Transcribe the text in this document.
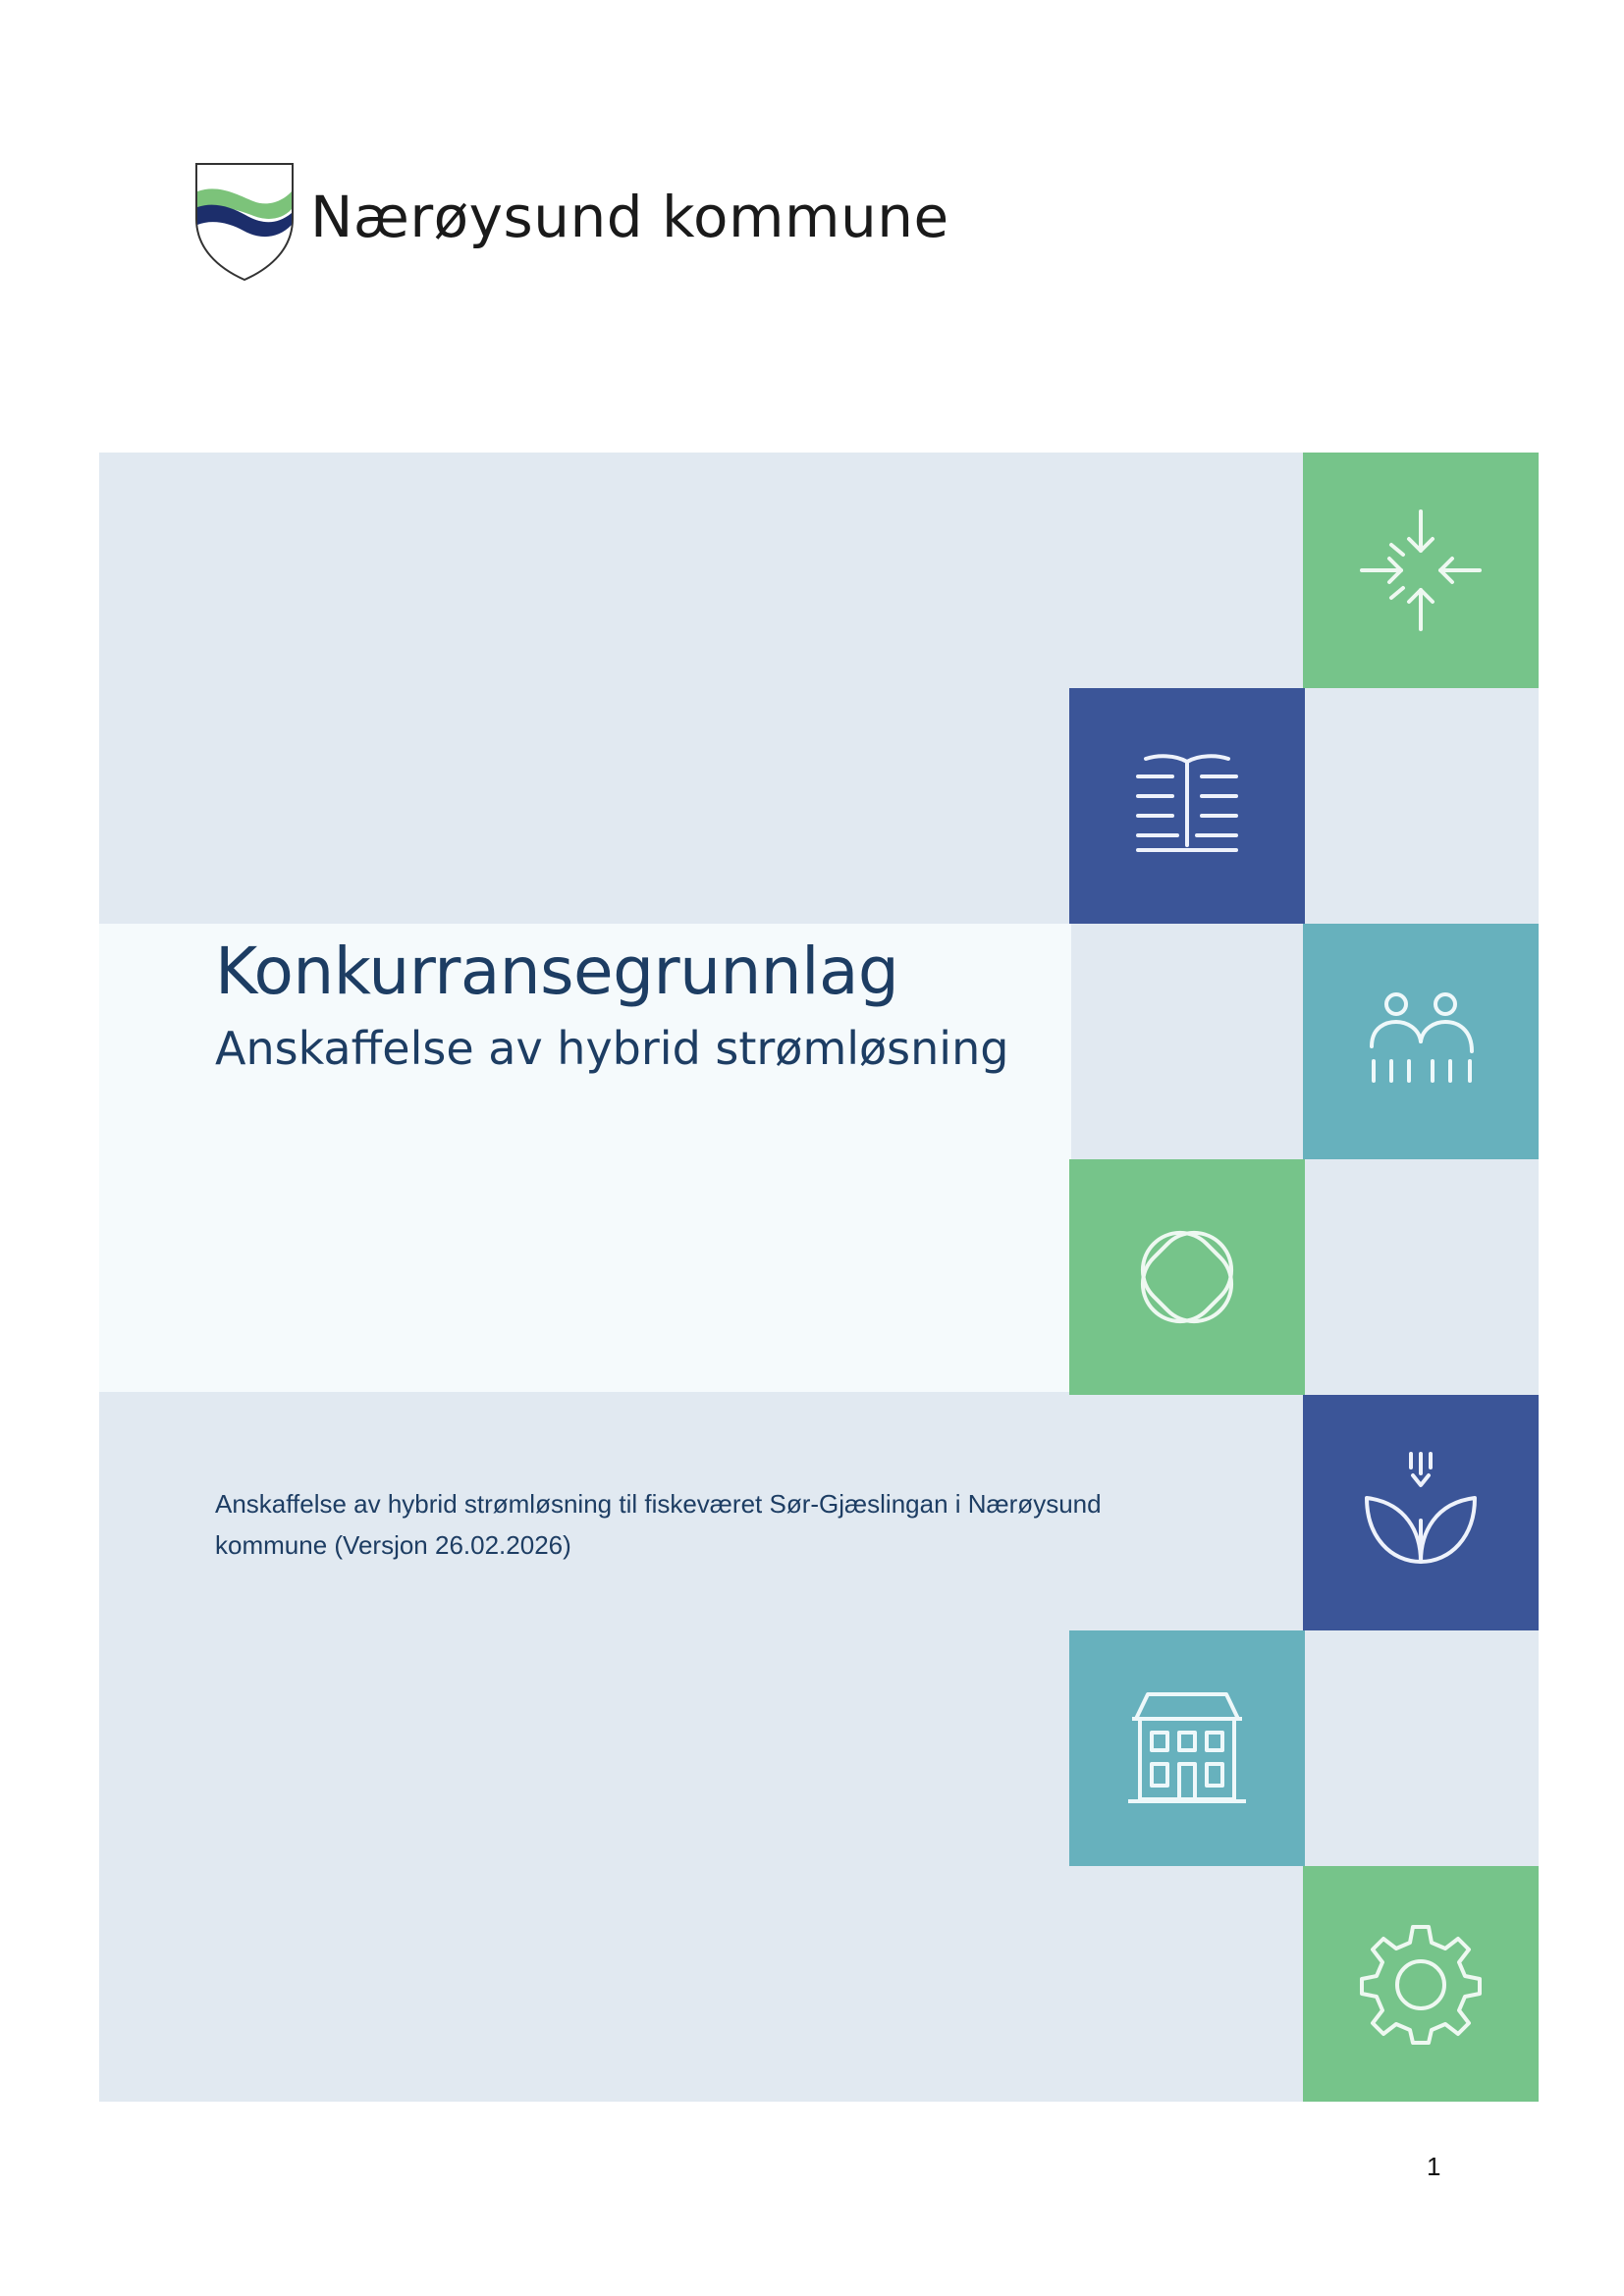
Nærøysund kommune
Konkurransegrunnlag
Anskaffelse av hybrid strømløsning
Anskaffelse av hybrid strømløsning til fiskeværet Sør-Gjæslingan i Nærøysund kommune (Versjon 26.02.2026)
1
